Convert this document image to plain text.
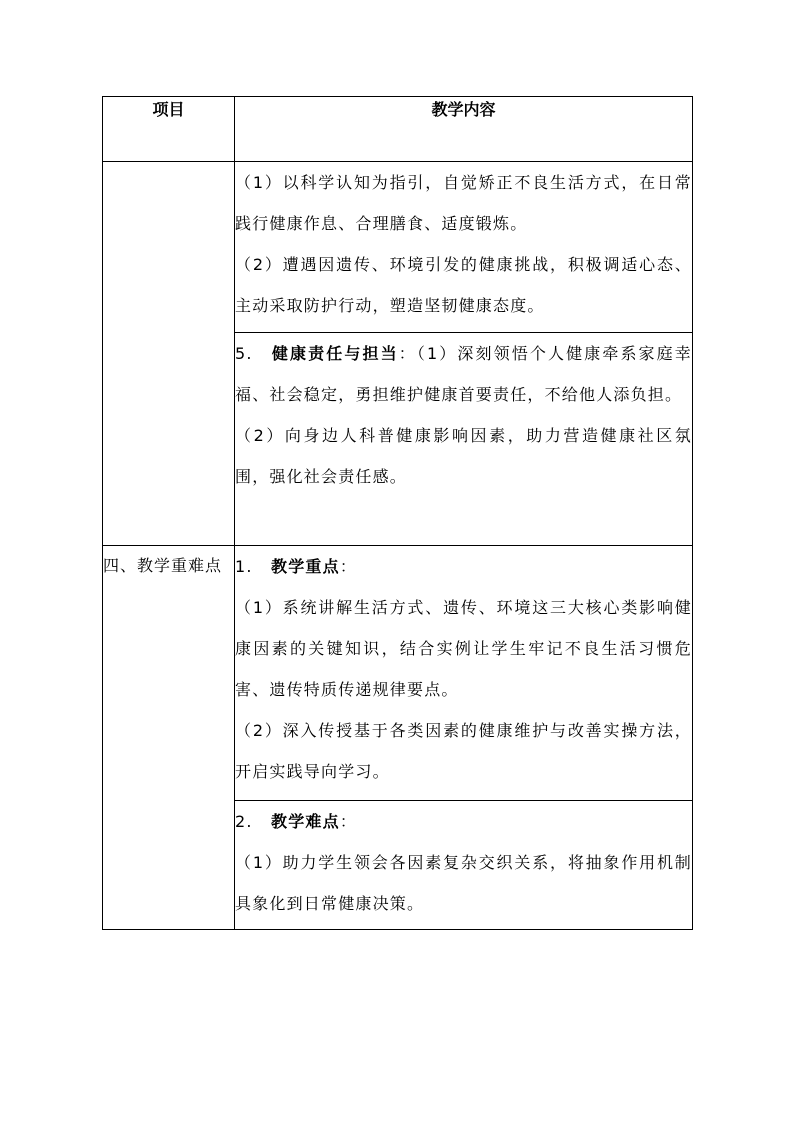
项目	教学内容

	（1）以科学认知为指引，自觉矫正不良生活方式，在日常践行健康作息、合理膳食、适度锻炼。

（2）遭遇因遗传、环境引发的健康挑战，积极调适心态、主动采取防护行动，塑造坚韧健康态度。

	5. 健康责任与担当：（1）深刻领悟个人健康牵系家庭幸福、社会稳定，勇担维护健康首要责任，不给他人添负担。

（2）向身边人科普健康影响因素，助力营造健康社区氛围，强化社会责任感。

四、教学重难点	1. 教学重点：

（1）系统讲解生活方式、遗传、环境这三大核心类影响健康因素的关键知识，结合实例让学生牢记不良生活习惯危害、遗传特质传递规律要点。

（2）深入传授基于各类因素的健康维护与改善实操方法，开启实践导向学习。

	2. 教学难点：

（1）助力学生领会各因素复杂交织关系，将抽象作用机制具象化到日常健康决策。
